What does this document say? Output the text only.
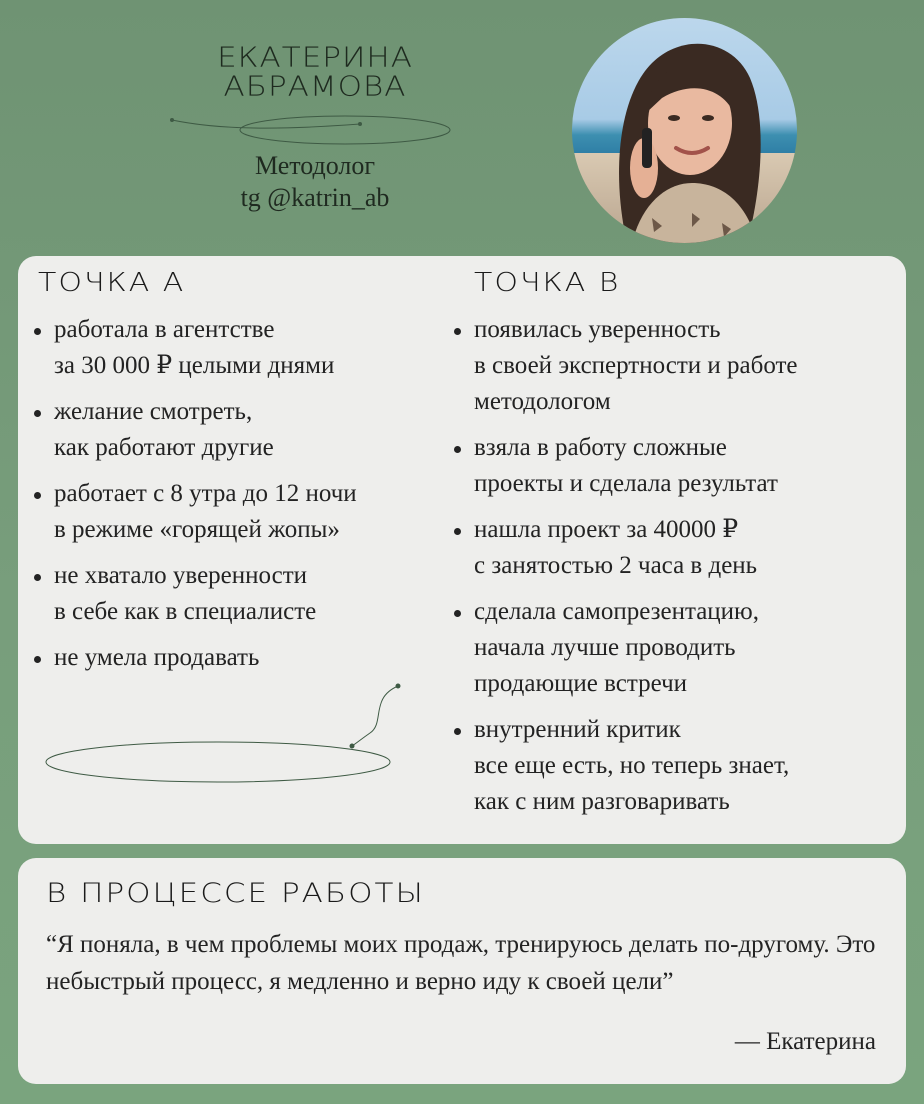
ЕКАТЕРИНА
АБРАМОВА
Методолог
tg @katrin_ab
ТОЧКА А
работала в агентстве
за 30 000 ₽ целыми днями
желание смотреть,
как работают другие
работает с 8 утра до 12 ночи
в режиме «горящей жопы»
не хватало уверенности
в себе как в специалисте
не умела продавать
ТОЧКА В
появилась уверенность
в своей экспертности и работе
методологом
взяла в работу сложные
проекты и сделала результат
нашла проект за 40000 ₽
с занятостью 2 часа в день
сделала самопрезентацию,
начала лучше проводить
продающие встречи
внутренний критик
все еще есть, но теперь знает,
как с ним разговаривать
В ПРОЦЕССЕ РАБОТЫ
“Я поняла, в чем проблемы моих продаж, тренируюсь делать по-другому. Это небыстрый процесс, я медленно и верно иду к своей цели”
— Екатерина
